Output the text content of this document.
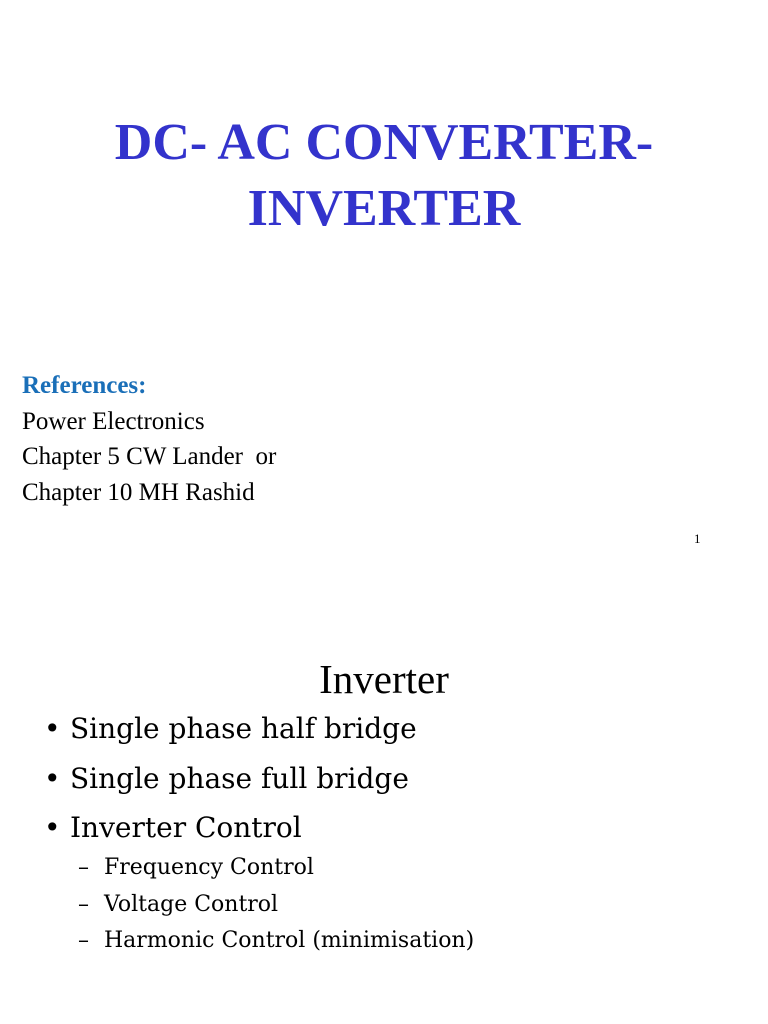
DC- AC CONVERTER-
INVERTER
References:
Power Electronics
Chapter 5 CW Lander  or
Chapter 10 MH Rashid
1
Inverter
• Single phase half bridge
• Single phase full bridge
• Inverter Control
– Frequency Control
– Voltage Control
– Harmonic Control (minimisation)
